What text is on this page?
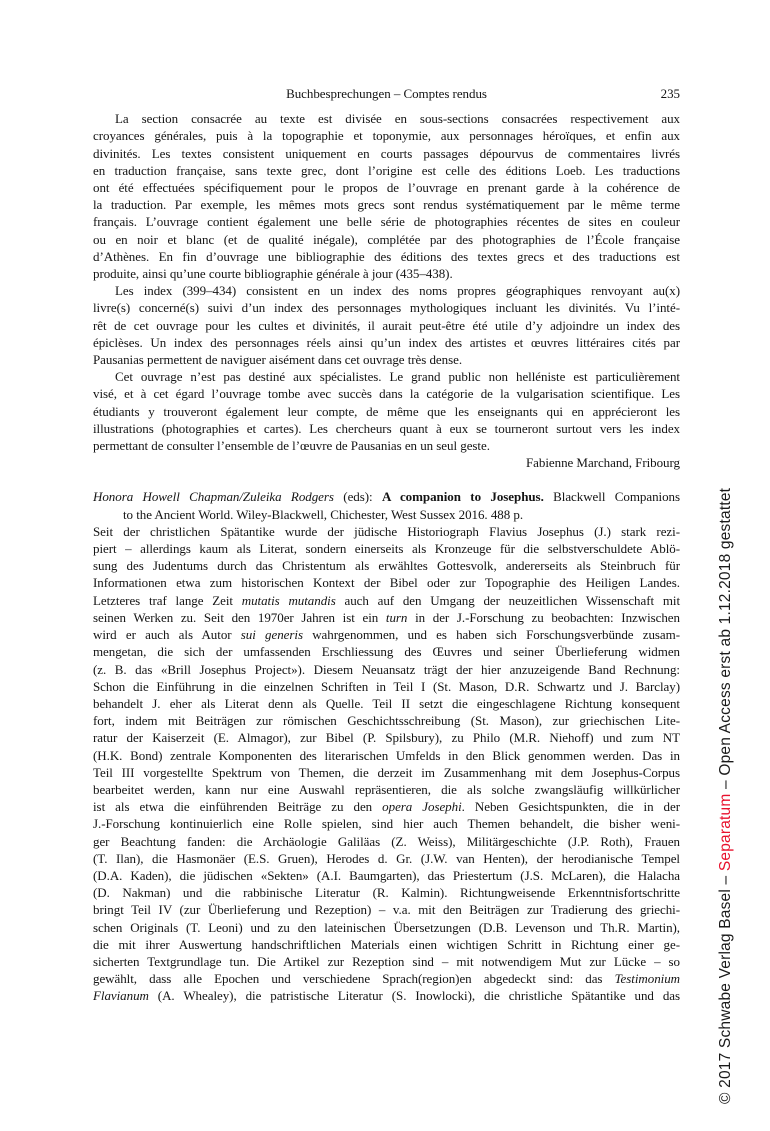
Buchbesprechungen – Comptes rendus	235
La section consacrée au texte est divisée en sous-sections consacrées respectivement aux
croyances générales, puis à la topographie et toponymie, aux personnages héroïques, et enfin aux
divinités. Les textes consistent uniquement en courts passages dépourvus de commentaires livrés
en traduction française, sans texte grec, dont l’origine est celle des éditions Loeb. Les traductions
ont été effectuées spécifiquement pour le propos de l’ouvrage en prenant garde à la cohérence de
la traduction. Par exemple, les mêmes mots grecs sont rendus systématiquement par le même terme
français. L’ouvrage contient également une belle série de photographies récentes de sites en couleur
ou en noir et blanc (et de qualité inégale), complétée par des photographies de l’École française
d’Athènes. En fin d’ouvrage une bibliographie des éditions des textes grecs et des traductions est
produite, ainsi qu’une courte bibliographie générale à jour (435–438).
Les index (399–434) consistent en un index des noms propres géographiques renvoyant au(x)
livre(s) concerné(s) suivi d’un index des personnages mythologiques incluant les divinités. Vu l’inté-
rêt de cet ouvrage pour les cultes et divinités, il aurait peut-être été utile d’y adjoindre un index des
épiclèses. Un index des personnages réels ainsi qu’un index des artistes et œuvres littéraires cités par
Pausanias permettent de naviguer aisément dans cet ouvrage très dense.
Cet ouvrage n’est pas destiné aux spécialistes. Le grand public non helléniste est particulièrement
visé, et à cet égard l’ouvrage tombe avec succès dans la catégorie de la vulgarisation scientifique. Les
étudiants y trouveront également leur compte, de même que les enseignants qui en apprécieront les
illustrations (photographies et cartes). Les chercheurs quant à eux se tourneront surtout vers les index
permettant de consulter l’ensemble de l’œuvre de Pausanias en un seul geste.
Fabienne Marchand, Fribourg
Honora Howell Chapman/Zuleika Rodgers (eds): A companion to Josephus. Blackwell Companions
to the Ancient World. Wiley-Blackwell, Chichester, West Sussex 2016. 488 p.
Seit der christlichen Spätantike wurde der jüdische Historiograph Flavius Josephus (J.) stark rezi-
piert – allerdings kaum als Literat, sondern einerseits als Kronzeuge für die selbstverschuldete Ablö-
sung des Judentums durch das Christentum als erwähltes Gottesvolk, andererseits als Steinbruch für
Informationen etwa zum historischen Kontext der Bibel oder zur Topographie des Heiligen Landes.
Letzteres traf lange Zeit mutatis mutandis auch auf den Umgang der neuzeitlichen Wissenschaft mit
seinen Werken zu. Seit den 1970er Jahren ist ein turn in der J.-Forschung zu beobachten: Inzwischen
wird er auch als Autor sui generis wahrgenommen, und es haben sich Forschungsverbünde zusam-
mengetan, die sich der umfassenden Erschliessung des Œuvres und seiner Überlieferung widmen
(z. B. das «Brill Josephus Project»). Diesem Neuansatz trägt der hier anzuzeigende Band Rechnung:
Schon die Einführung in die einzelnen Schriften in Teil I (St. Mason, D.R. Schwartz und J. Barclay)
behandelt J. eher als Literat denn als Quelle. Teil II setzt die eingeschlagene Richtung konsequent
fort, indem mit Beiträgen zur römischen Geschichtsschreibung (St. Mason), zur griechischen Lite-
ratur der Kaiserzeit (E. Almagor), zur Bibel (P. Spilsbury), zu Philo (M.R. Niehoff) und zum NT
(H.K. Bond) zentrale Komponenten des literarischen Umfelds in den Blick genommen werden. Das in
Teil III vorgestellte Spektrum von Themen, die derzeit im Zusammenhang mit dem Josephus-Corpus
bearbeitet werden, kann nur eine Auswahl repräsentieren, die als solche zwangsläufig willkürlicher
ist als etwa die einführenden Beiträge zu den opera Josephi. Neben Gesichtspunkten, die in der
J.-Forschung kontinuierlich eine Rolle spielen, sind hier auch Themen behandelt, die bisher weni-
ger Beachtung fanden: die Archäologie Galiläas (Z. Weiss), Militärgeschichte (J.P. Roth), Frauen
(T. Ilan), die Hasmonäer (E.S. Gruen), Herodes d. Gr. (J.W. van Henten), der herodianische Tempel
(D.A. Kaden), die jüdischen «Sekten» (A.I. Baumgarten), das Priestertum (J.S. McLaren), die Halacha
(D. Nakman) und die rabbinische Literatur (R. Kalmin). Richtungweisende Erkenntnisfortschritte
bringt Teil IV (zur Überlieferung und Rezeption) – v.a. mit den Beiträgen zur Tradierung des griechi-
schen Originals (T. Leoni) und zu den lateinischen Übersetzungen (D.B. Levenson und Th.R. Martin),
die mit ihrer Auswertung handschriftlichen Materials einen wichtigen Schritt in Richtung einer ge-
sicherten Textgrundlage tun. Die Artikel zur Rezeption sind – mit notwendigem Mut zur Lücke – so
gewählt, dass alle Epochen und verschiedene Sprach(region)en abgedeckt sind: das Testimonium
Flavianum (A. Whealey), die patristische Literatur (S. Inowlocki), die christliche Spätantike und das © 2017 Schwabe Verlag Basel – Separatum – Open Access erst ab 1.12.2018 gestattet
